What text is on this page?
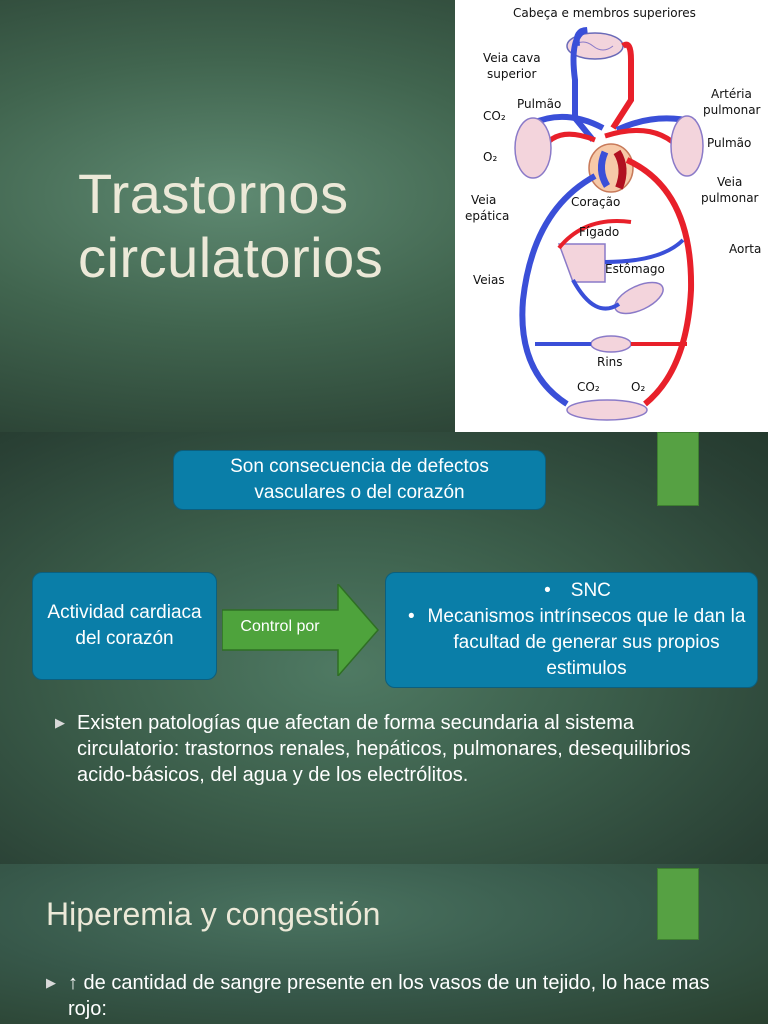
Trastornos
circulatorios
Cabeça e membros superiores
Veia cava
superior
Pulmão
Artéria
pulmonar
Pulmão
CO₂
O₂
Veia
pulmonar
Veia
epática
Coração
Fígado
Aorta
Estômago
Veias
Rins
CO₂	O₂
Son consecuencia de defectos vasculares o del corazón
Actividad cardiaca del corazón
Control por
•	SNC
• Mecanismos intrínsecos que le dan la facultad de generar sus propios estimulos
▶ Existen patologías que afectan de forma secundaria al sistema circulatorio: trastornos renales, hepáticos, pulmonares, desequilibrios acido-básicos, del agua y de los electrólitos.
Hiperemia y congestión
▶ ↑ de cantidad de sangre presente en los vasos de un tejido, lo hace mas rojo:
